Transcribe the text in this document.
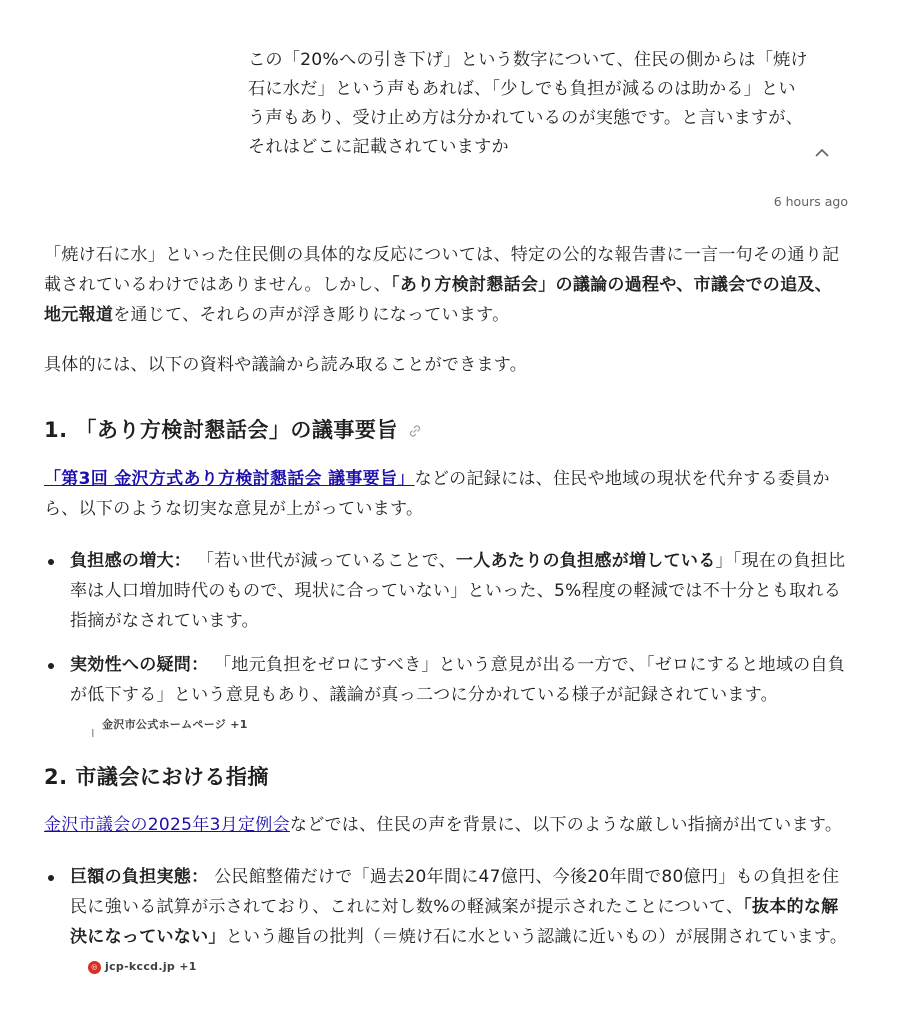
この「20%への引き下げ」という数字について、住民の側からは「焼け石に水だ」という声もあれば、「少しでも負担が減るのは助かる」という声もあり、受け止め方は分かれているのが実態です。と言いますが、それはどこに記載されていますか
6 hours ago

「焼け石に水」といった住民側の具体的な反応については、特定の公的な報告書に一言一句その通り記載されているわけではありません。しかし、「あり方検討懇話会」の議論の過程や、市議会での追及、地元報道を通じて、それらの声が浮き彫りになっています。

具体的には、以下の資料や議論から読み取ることができます。

1. 「あり方検討懇話会」の議事要旨

「第3回 金沢方式あり方検討懇話会 議事要旨」などの記録には、住民や地域の現状を代弁する委員から、以下のような切実な意見が上がっています。

負担感の増大： 「若い世代が減っていることで、一人あたりの負担感が増している」「現在の負担比率は人口増加時代のもので、現状に合っていない」といった、5%程度の軽減では不十分とも取れる指摘がなされています。
実効性への疑問： 「地元負担をゼロにすべき」という意見が出る一方で、「ゼロにすると地域の自負が低下する」という意見もあり、議論が真っ二つに分かれている様子が記録されています。
金沢市公式ホームページ +1
2. 市議会における指摘

金沢市議会の2025年3月定例会などでは、住民の声を背景に、以下のような厳しい指摘が出ています。

巨額の負担実態： 公民館整備だけで「過去20年間に47億円、今後20年間で80億円」もの負担を住民に強いる試算が示されており、これに対し数%の軽減案が提示されたことについて、「抜本的な解決になっていない」という趣旨の批判（＝焼け石に水という認識に近いもの）が展開されています。
◎ jcp-kccd.jp +1
